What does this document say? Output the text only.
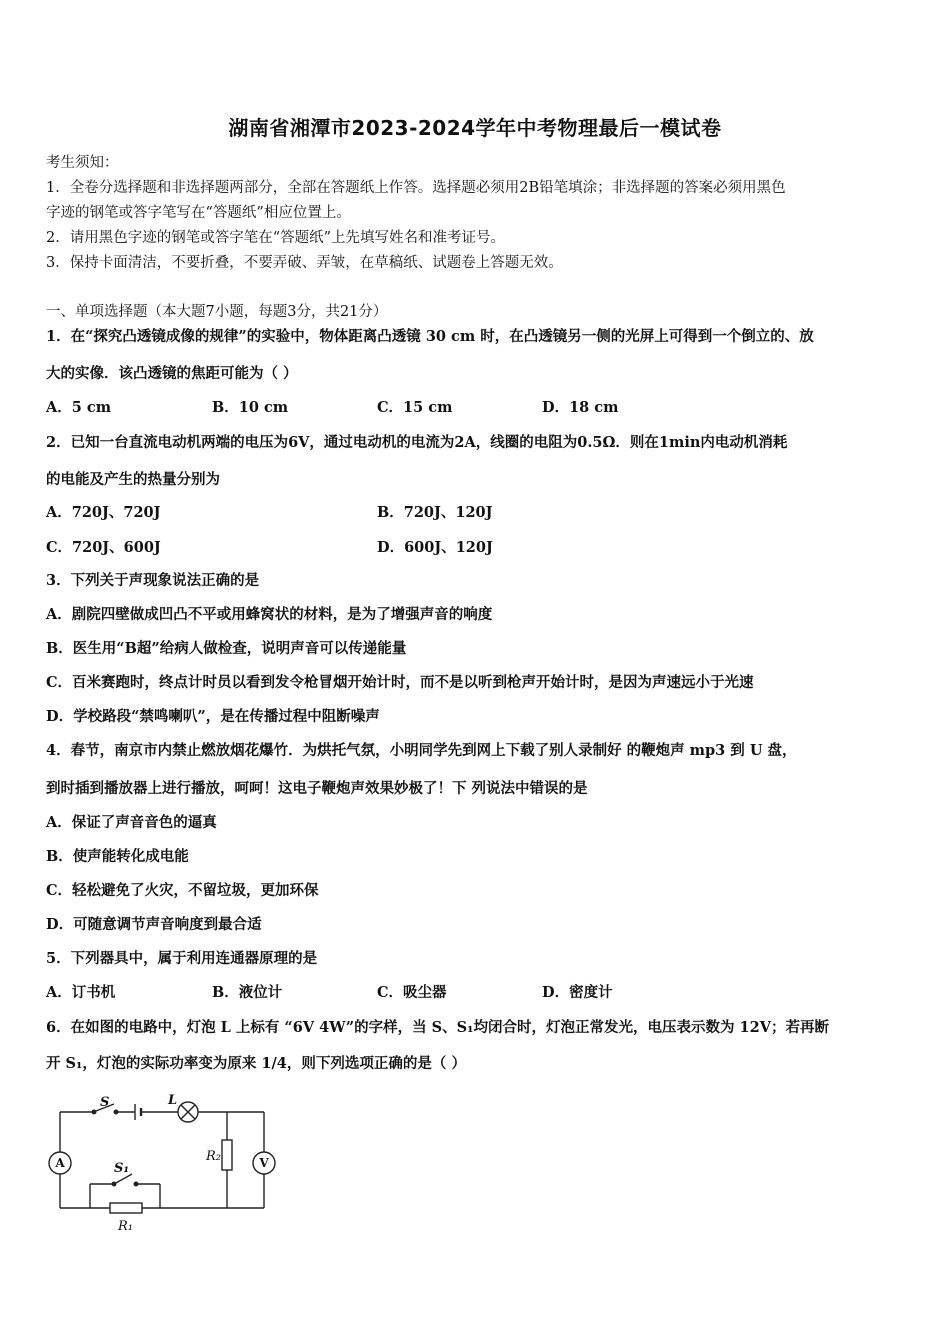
湖南省湘潭市2023-2024学年中考物理最后一模试卷
考生须知：
1．全卷分选择题和非选择题两部分，全部在答题纸上作答。选择题必须用2B铅笔填涂；非选择题的答案必须用黑色
字迹的钢笔或答字笔写在“答题纸”相应位置上。
2．请用黑色字迹的钢笔或答字笔在“答题纸”上先填写姓名和准考证号。
3．保持卡面清洁，不要折叠，不要弄破、弄皱，在草稿纸、试题卷上答题无效。
一、单项选择题（本大题7小题，每题3分，共21分）
1．在“探究凸透镜成像的规律”的实验中，物体距离凸透镜 30 cm 时，在凸透镜另一侧的光屏上可得到一个倒立的、放
大的实像．该凸透镜的焦距可能为（ ）
A．5 cm	B．10 cm	C．15 cm	D．18 cm
2．已知一台直流电动机两端的电压为6V，通过电动机的电流为2A，线圈的电阻为0.5Ω．则在1min内电动机消耗
的电能及产生的热量分别为
A．720J、720J	B．720J、120J
C．720J、600J	D．600J、120J
3．下列关于声现象说法正确的是
A．剧院四壁做成凹凸不平或用蜂窝状的材料，是为了增强声音的响度
B．医生用“B超”给病人做检查，说明声音可以传递能量
C．百米赛跑时，终点计时员以看到发令枪冒烟开始计时，而不是以听到枪声开始计时，是因为声速远小于光速
D．学校路段“禁鸣喇叭”，是在传播过程中阻断噪声
4．春节，南京市内禁止燃放烟花爆竹．为烘托气氛，小明同学先到网上下载了别人录制好 的鞭炮声 mp3 到 U 盘，
到时插到播放器上进行播放，呵呵！这电子鞭炮声效果妙极了！下 列说法中错误的是
A．保证了声音音色的逼真
B．使声能转化成电能
C．轻松避免了火灾，不留垃圾，更加环保
D．可随意调节声音响度到最合适
5．下列器具中，属于利用连通器原理的是
A．订书机	B．液位计	C．吸尘器	D．密度计
6．在如图的电路中，灯泡 L 上标有 “6V 4W”的字样，当 S、S₁均闭合时，灯泡正常发光，电压表示数为 12V；若再断
开 S₁，灯泡的实际功率变为原来 1/4，则下列选项正确的是（ ）
S	L
S₁
R₂
R₁
A	V
